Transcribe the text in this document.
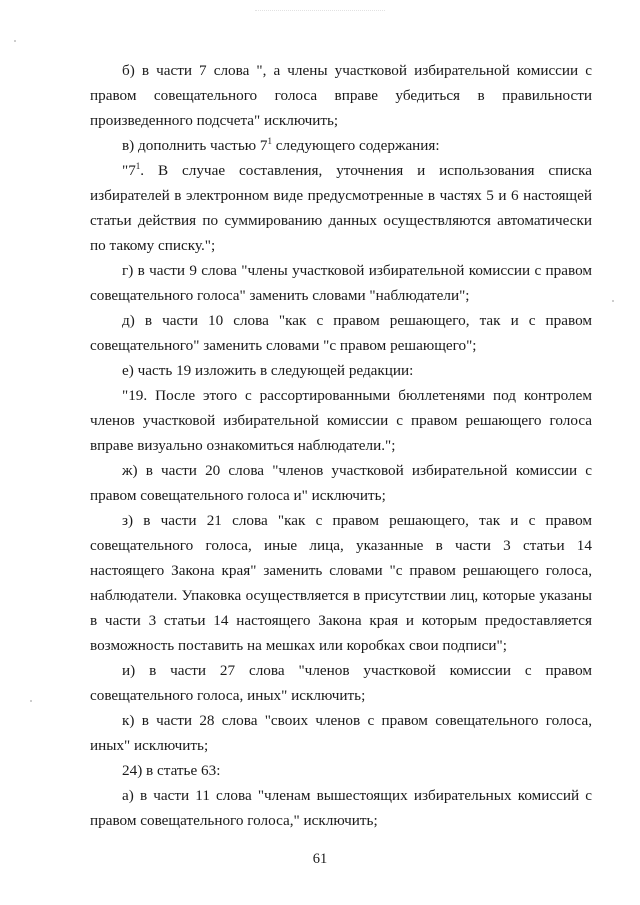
б) в части 7 слова ", а члены участковой избирательной комиссии с правом совещательного голоса вправе убедиться в правильности произведенного подсчета" исключить;

в) дополнить частью $7^1$ следующего содержания:

"$7^1$. В случае составления, уточнения и использования списка избирателей в электронном виде предусмотренные в частях 5 и 6 настоящей статьи действия по суммированию данных осуществляются автоматически по такому списку.";

г) в части 9 слова "члены участковой избирательной комиссии с правом совещательного голоса" заменить словами "наблюдатели";

д) в части 10 слова "как с правом решающего, так и с правом совещательного" заменить словами "с правом решающего";

е) часть 19 изложить в следующей редакции:

"19. После этого с рассортированными бюллетенями под контролем членов участковой избирательной комиссии с правом решающего голоса вправе визуально ознакомиться наблюдатели.";

ж) в части 20 слова "членов участковой избирательной комиссии с правом совещательного голоса и" исключить;

з) в части 21 слова "как с правом решающего, так и с правом совещательного голоса, иные лица, указанные в части 3 статьи 14 настоящего Закона края" заменить словами "с правом решающего голоса, наблюдатели. Упаковка осуществляется в присутствии лиц, которые указаны в части 3 статьи 14 настоящего Закона края и которым предоставляется возможность поставить на мешках или коробках свои подписи";

и) в части 27 слова "членов участковой комиссии с правом совещательного голоса, иных" исключить;

к) в части 28 слова "своих членов с правом совещательного голоса, иных" исключить;

24) в статье 63:

а) в части 11 слова "членам вышестоящих избирательных комиссий с правом совещательного голоса," исключить;

61
